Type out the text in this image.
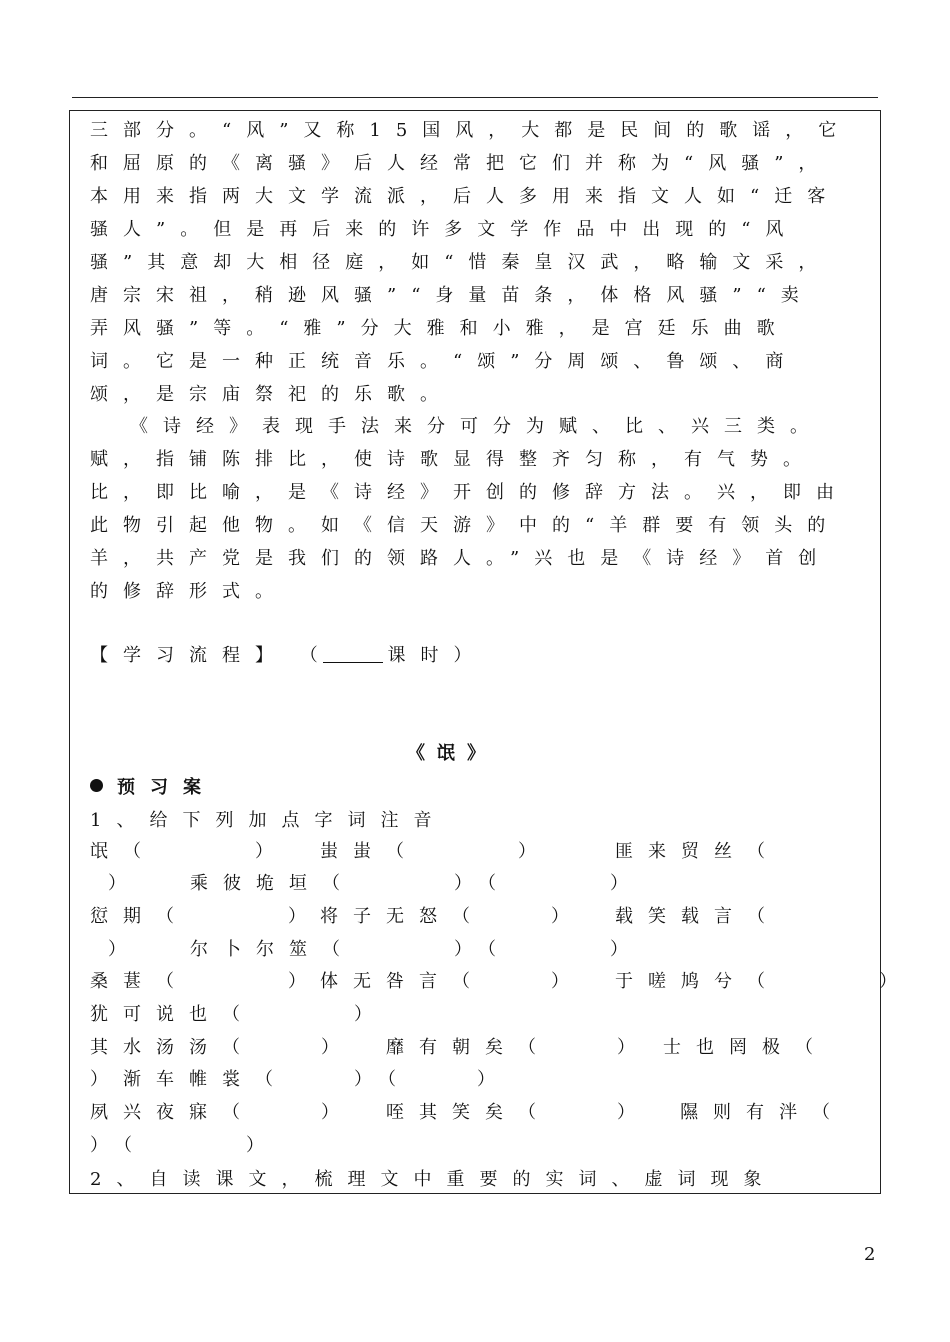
三部分。“风”又称15国风，大都是民间的歌谣，它
和屈原的《离骚》后人经常把它们并称为“风骚”，
本用来指两大文学流派，后人多用来指文人如“迁客
骚人”。但是再后来的许多文学作品中出现的“风
骚”其意却大相径庭，如“惜秦皇汉武，略输文采，
唐宗宋祖，稍逊风骚”“身量苗条，体格风骚”“卖
弄风骚”等。“雅”分大雅和小雅，是宫廷乐曲歌
词。它是一种正统音乐。“颂”分周颂、鲁颂、商
颂，是宗庙祭祀的乐歌。
《诗经》表现手法来分可分为赋、比、兴三类。
赋，指铺陈排比，使诗歌显得整齐匀称，有气势。
比，即比喻，是《诗经》开创的修辞方法。兴，即由
此物引起他物。如《信天游》中的“羊群要有领头的
羊，共产党是我们的领路人。”兴也是《诗经》首创
的修辞形式。
【学习流程】 （	课时）
《氓》
预习案
1、给下列加点字词注音
氓（　　　） 蚩蚩（　　　）	匪来贸丝（
）	乘彼垝垣（　　　）（　　　）
愆期（　　　） 将子无怒（　　） 载笑载言（
）	尔卜尔筮（　　　）（　　　）
桑葚（　　　） 体无咎言（　　） 于嗟鸠兮（　　　）
犹可说也（　　　）
其水汤汤（　　） 靡有朝矣（　　） 士也罔极（
）渐车帷裳（　　）（　　）
夙兴夜寐（　　） 咥其笑矣（　　） 隰则有泮（
）（　　　）
2、自读课文，梳理文中重要的实词、虚词现象
2
